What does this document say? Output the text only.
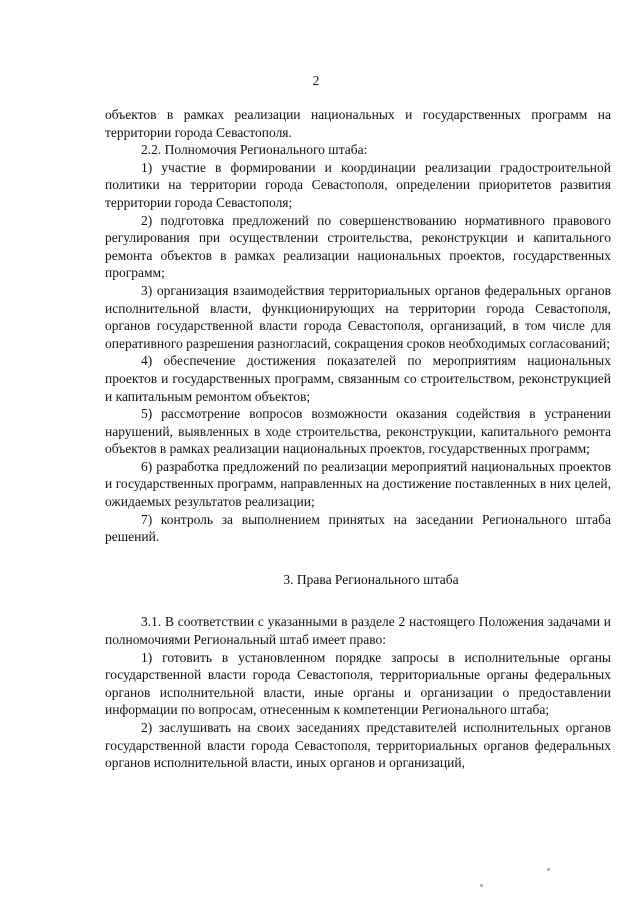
2

объектов в рамках реализации национальных и государственных программ на территории города Севастополя.

2.2. Полномочия Регионального штаба:

1) участие в формировании и координации реализации градостроительной политики на территории города Севастополя, определении приоритетов развития территории города Севастополя;

2) подготовка предложений по совершенствованию нормативного правового регулирования при осуществлении строительства, реконструкции и капитального ремонта объектов в рамках реализации национальных проектов, государственных программ;

3) организация взаимодействия территориальных органов федеральных органов исполнительной власти, функционирующих на территории города Севастополя, органов государственной власти города Севастополя, организаций, в том числе для оперативного разрешения разногласий, сокращения сроков необходимых согласований;

4) обеспечение достижения показателей по мероприятиям национальных проектов и государственных программ, связанным со строительством, реконструкцией и капитальным ремонтом объектов;

5) рассмотрение вопросов возможности оказания содействия в устранении нарушений, выявленных в ходе строительства, реконструкции, капитального ремонта объектов в рамках реализации национальных проектов, государственных программ;

6) разработка предложений по реализации мероприятий национальных проектов и государственных программ, направленных на достижение поставленных в них целей, ожидаемых результатов реализации;

7) контроль за выполнением принятых на заседании Регионального штаба решений.

3. Права Регионального штаба

3.1. В соответствии с указанными в разделе 2 настоящего Положения задачами и полномочиями Региональный штаб имеет право:

1) готовить в установленном порядке запросы в исполнительные органы государственной власти города Севастополя, территориальные органы федеральных органов исполнительной власти, иные органы и организации о предоставлении информации по вопросам, отнесенным к компетенции Регионального штаба;

2) заслушивать на своих заседаниях представителей исполнительных органов государственной власти города Севастополя, территориальных органов федеральных органов исполнительной власти, иных органов и организаций,
